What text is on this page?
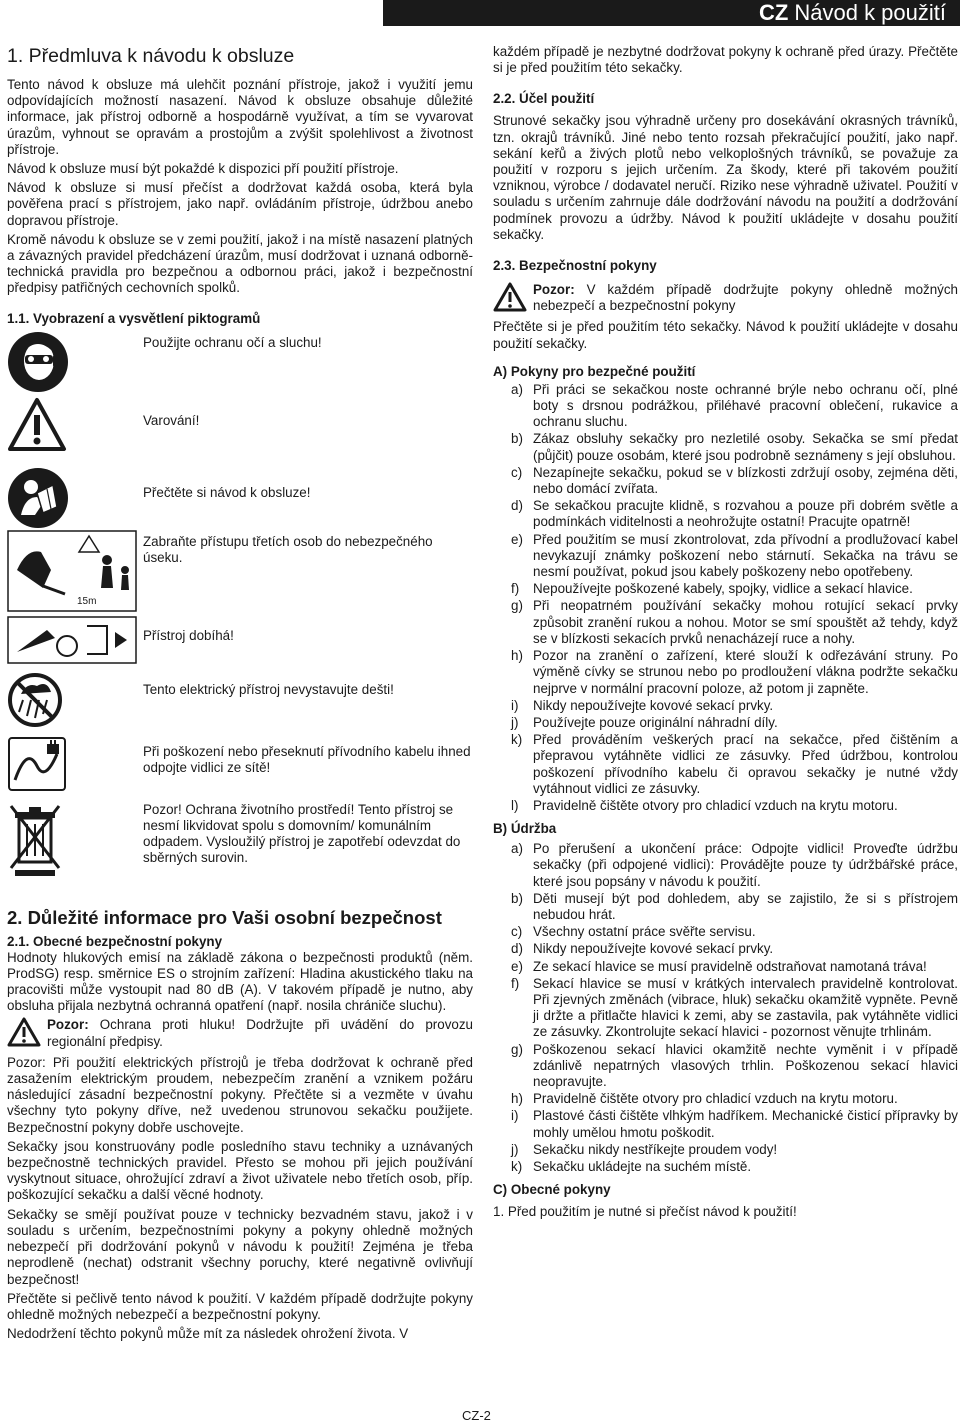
CZ Návod k použití
1. Předmluva k návodu k obsluze

Tento návod k obsluze má ulehčit poznání přístroje, jakož i využití jemu odpovídajících možností nasazení. Návod k obsluze obsahuje důležité informace, jak přístroj odborně a hospodárně využívat, a tím se vyvarovat úrazům, vyhnout se opravám a prostojům a zvýšit spolehlivost a životnost přístroje.

Návod k obsluze musí být pokaždé k dispozici pří použití přístroje.

Návod k obsluze si musí přečíst a dodržovat každá osoba, která byla pověřena prací s přístrojem, jako např. ovládáním přístroje, údržbou anebo dopravou přístroje.

Kromě návodu k obsluze se v zemi použití, jakož i na místě nasazení platných a závazných pravidel předcházení úrazům, musí dodržovat i uznaná odborně-technická pravidla pro bezpečnou a odbornou práci, jakož i bezpečnostní předpisy patřičných cechovních spolků.

1.1. Vyobrazení a vysvětlení piktogramů
Použijte ochranu očí a sluchu!
Varování!
Přečtěte si návod k obsluze!
15m
Zabraňte přístupu třetích osob do nebezpečného úseku.
Přístroj dobíhá!
Tento elektrický přístroj nevystavujte dešti!
Při poškození nebo přeseknutí přívodního kabelu ihned odpojte vidlici ze sítě!
Pozor! Ochrana životního prostředí! Tento přístroj se nesmí likvidovat spolu s domovním/ komunálním odpadem. Vysloužilý přístroj je zapotřebí odevzdat do sběrných surovin.
2. Důležité informace pro Vaši osobní bezpečnost
2.1. Obecné bezpečnostní pokyny

Hodnoty hlukových emisí na základě zákona o bezpečnosti produktů (něm. ProdSG) resp. směrnice ES o strojním zařízení: Hladina akustického tlaku na pracovišti může vystoupit nad 80 dB (A). V takovém případě je nutno, aby obsluha přijala nezbytná ochranná opatření (např. nosila chrániče sluchu).

Pozor: Ochrana proti hluku! Dodržujte při uvádění do provozu regionální předpisy.

Pozor: Při použití elektrických přístrojů je třeba dodržovat k ochraně před zasažením elektrickým proudem, nebezpečím zranění a vznikem požáru následující zásadní bezpečnostní pokyny. Přečtěte si a vezměte v úvahu všechny tyto pokyny dříve, než uvedenou strunovou sekačku použijete. Bezpečnostní pokyny dobře uschovejte.

Sekačky jsou konstruovány podle posledního stavu techniky a uznávaných bezpečnostně technických pravidel. Přesto se mohou při jejich používání vyskytnout situace, ohrožující zdraví a život uživatele nebo třetích osob, příp. poškozující sekačku a další věcné hodnoty.

Sekačky se smějí používat pouze v technicky bezvadném stavu, jakož i v souladu s určením, bezpečnostními pokyny a pokyny ohledně možných nebezpečí při dodržování pokynů v návodu k použití! Zejména je třeba neprodleně (nechat) odstranit všechny poruchy, které negativně ovlivňují bezpečnost!

Přečtěte si pečlivě tento návod k použití. V každém případě dodržujte pokyny ohledně možných nebezpečí a bezpečnostní pokyny.

Nedodržení těchto pokynů může mít za následek ohrožení života. V

každém případě je nezbytné dodržovat pokyny k ochraně před úrazy. Přečtěte si je před použitím této sekačky.

2.2. Účel použití

Strunové sekačky jsou výhradně určeny pro dosekávání okrasných trávníků, tzn. okrajů trávníků. Jiné nebo tento rozsah překračující použití, jako např. sekání keřů a živých plotů nebo velkoplošných trávníků, se považuje za použití v rozporu s jejich určením. Za škody, které při takovém použití vzniknou, výrobce / dodavatel neručí. Riziko nese výhradně uživatel. Použití v souladu s určením zahrnuje dále dodržování návodu na použití a dodržování podmínek provozu a údržby. Návod k použití ukládejte v dosahu použití sekačky.

2.3. Bezpečnostní pokyny

Pozor: V každém případě dodržujte pokyny ohledně možných nebezpečí a bezpečnostní pokyny

Přečtěte si je před použitím této sekačky. Návod k použití ukládejte v dosahu použití sekačky.

A) Pokyny pro bezpečné použití
a) Při práci se sekačkou noste ochranné brýle nebo ochranu očí, plné boty s drsnou podrážkou, přiléhavé pracovní oblečení, rukavice a ochranu sluchu.
b) Zákaz obsluhy sekačky pro nezletilé osoby. Sekačka se smí předat (půjčit) pouze osobám, které jsou podrobně seznámeny s její obsluhou.
c) Nezapínejte sekačku, pokud se v blízkosti zdržují osoby, zejména děti, nebo domácí zvířata.
d) Se sekačkou pracujte klidně, s rozvahou a pouze při dobrém světle a podmínkách viditelnosti a neohrožujte ostatní! Pracujte opatrně!
e) Před použitím se musí zkontrolovat, zda přívodní a prodlužovací kabel nevykazují známky poškození nebo stárnutí. Sekačka na trávu se nesmí používat, pokud jsou kabely poškozeny nebo opotřebeny.
f)	Nepoužívejte poškozené kabely, spojky, vidlice a sekací hlavice.
g) Při neopatrném používání sekačky mohou rotující sekací prvky způsobit zranění rukou a nohou. Motor se smí spouštět až tehdy, když se v blízkosti sekacích prvků nenacházejí ruce a nohy.
h) Pozor na zranění o zařízení, které slouží k odřezávání struny. Po výměně cívky se strunou nebo po prodloužení vlákna podržte sekačku nejprve v normální pracovní poloze, až potom ji zapněte.
i)	Nikdy nepoužívejte kovové sekací prvky.
j)	Používejte pouze originální náhradní díly.
k) Před prováděním veškerých prací na sekačce, před čištěním a přepravou vytáhněte vidlici ze zásuvky. Před údržbou, kontrolou poškození přívodního kabelu či opravou sekačky je nutné vždy vytáhnout vidlici ze zásuvky.
l)	Pravidelně čištěte otvory pro chladicí vzduch na krytu motoru.
B) Údržba
a) Po přerušení a ukončení práce: Odpojte vidlici! Proveďte údržbu sekačky (při odpojené vidlici): Provádějte pouze ty údržbářské práce, které jsou popsány v návodu k použití.
b) Děti musejí být pod dohledem, aby se zajistilo, že si s přístrojem nebudou hrát.
c) Všechny ostatní práce svěřte servisu.
d) Nikdy nepoužívejte kovové sekací prvky.
e) Ze sekací hlavice se musí pravidelně odstraňovat namotaná tráva!
f)	Sekací hlavice se musí v krátkých intervalech pravidelně kontrolovat. Při zjevných změnách (vibrace, hluk) sekačku okamžitě vypněte. Pevně ji držte a přitlačte hlavici k zemi, aby se zastavila, pak vytáhněte vidlici ze zásuvky. Zkontrolujte sekací hlavici - pozornost věnujte trhlinám.
g) Poškozenou sekací hlavici okamžitě nechte vyměnit i v případě zdánlivě nepatrných vlasových trhlin. Poškozenou sekací hlavici neopravujte.
h) Pravidelně čištěte otvory pro chladicí vzduch na krytu motoru.
i)	Plastové části čištěte vlhkým hadříkem. Mechanické čisticí přípravky by mohly umělou hmotu poškodit.
j)	Sekačku nikdy nestříkejte proudem vody!
k) Sekačku ukládejte na suchém místě.
C) Obecné pokyny

1. Před použitím je nutné si přečíst návod k použití!

CZ-2
